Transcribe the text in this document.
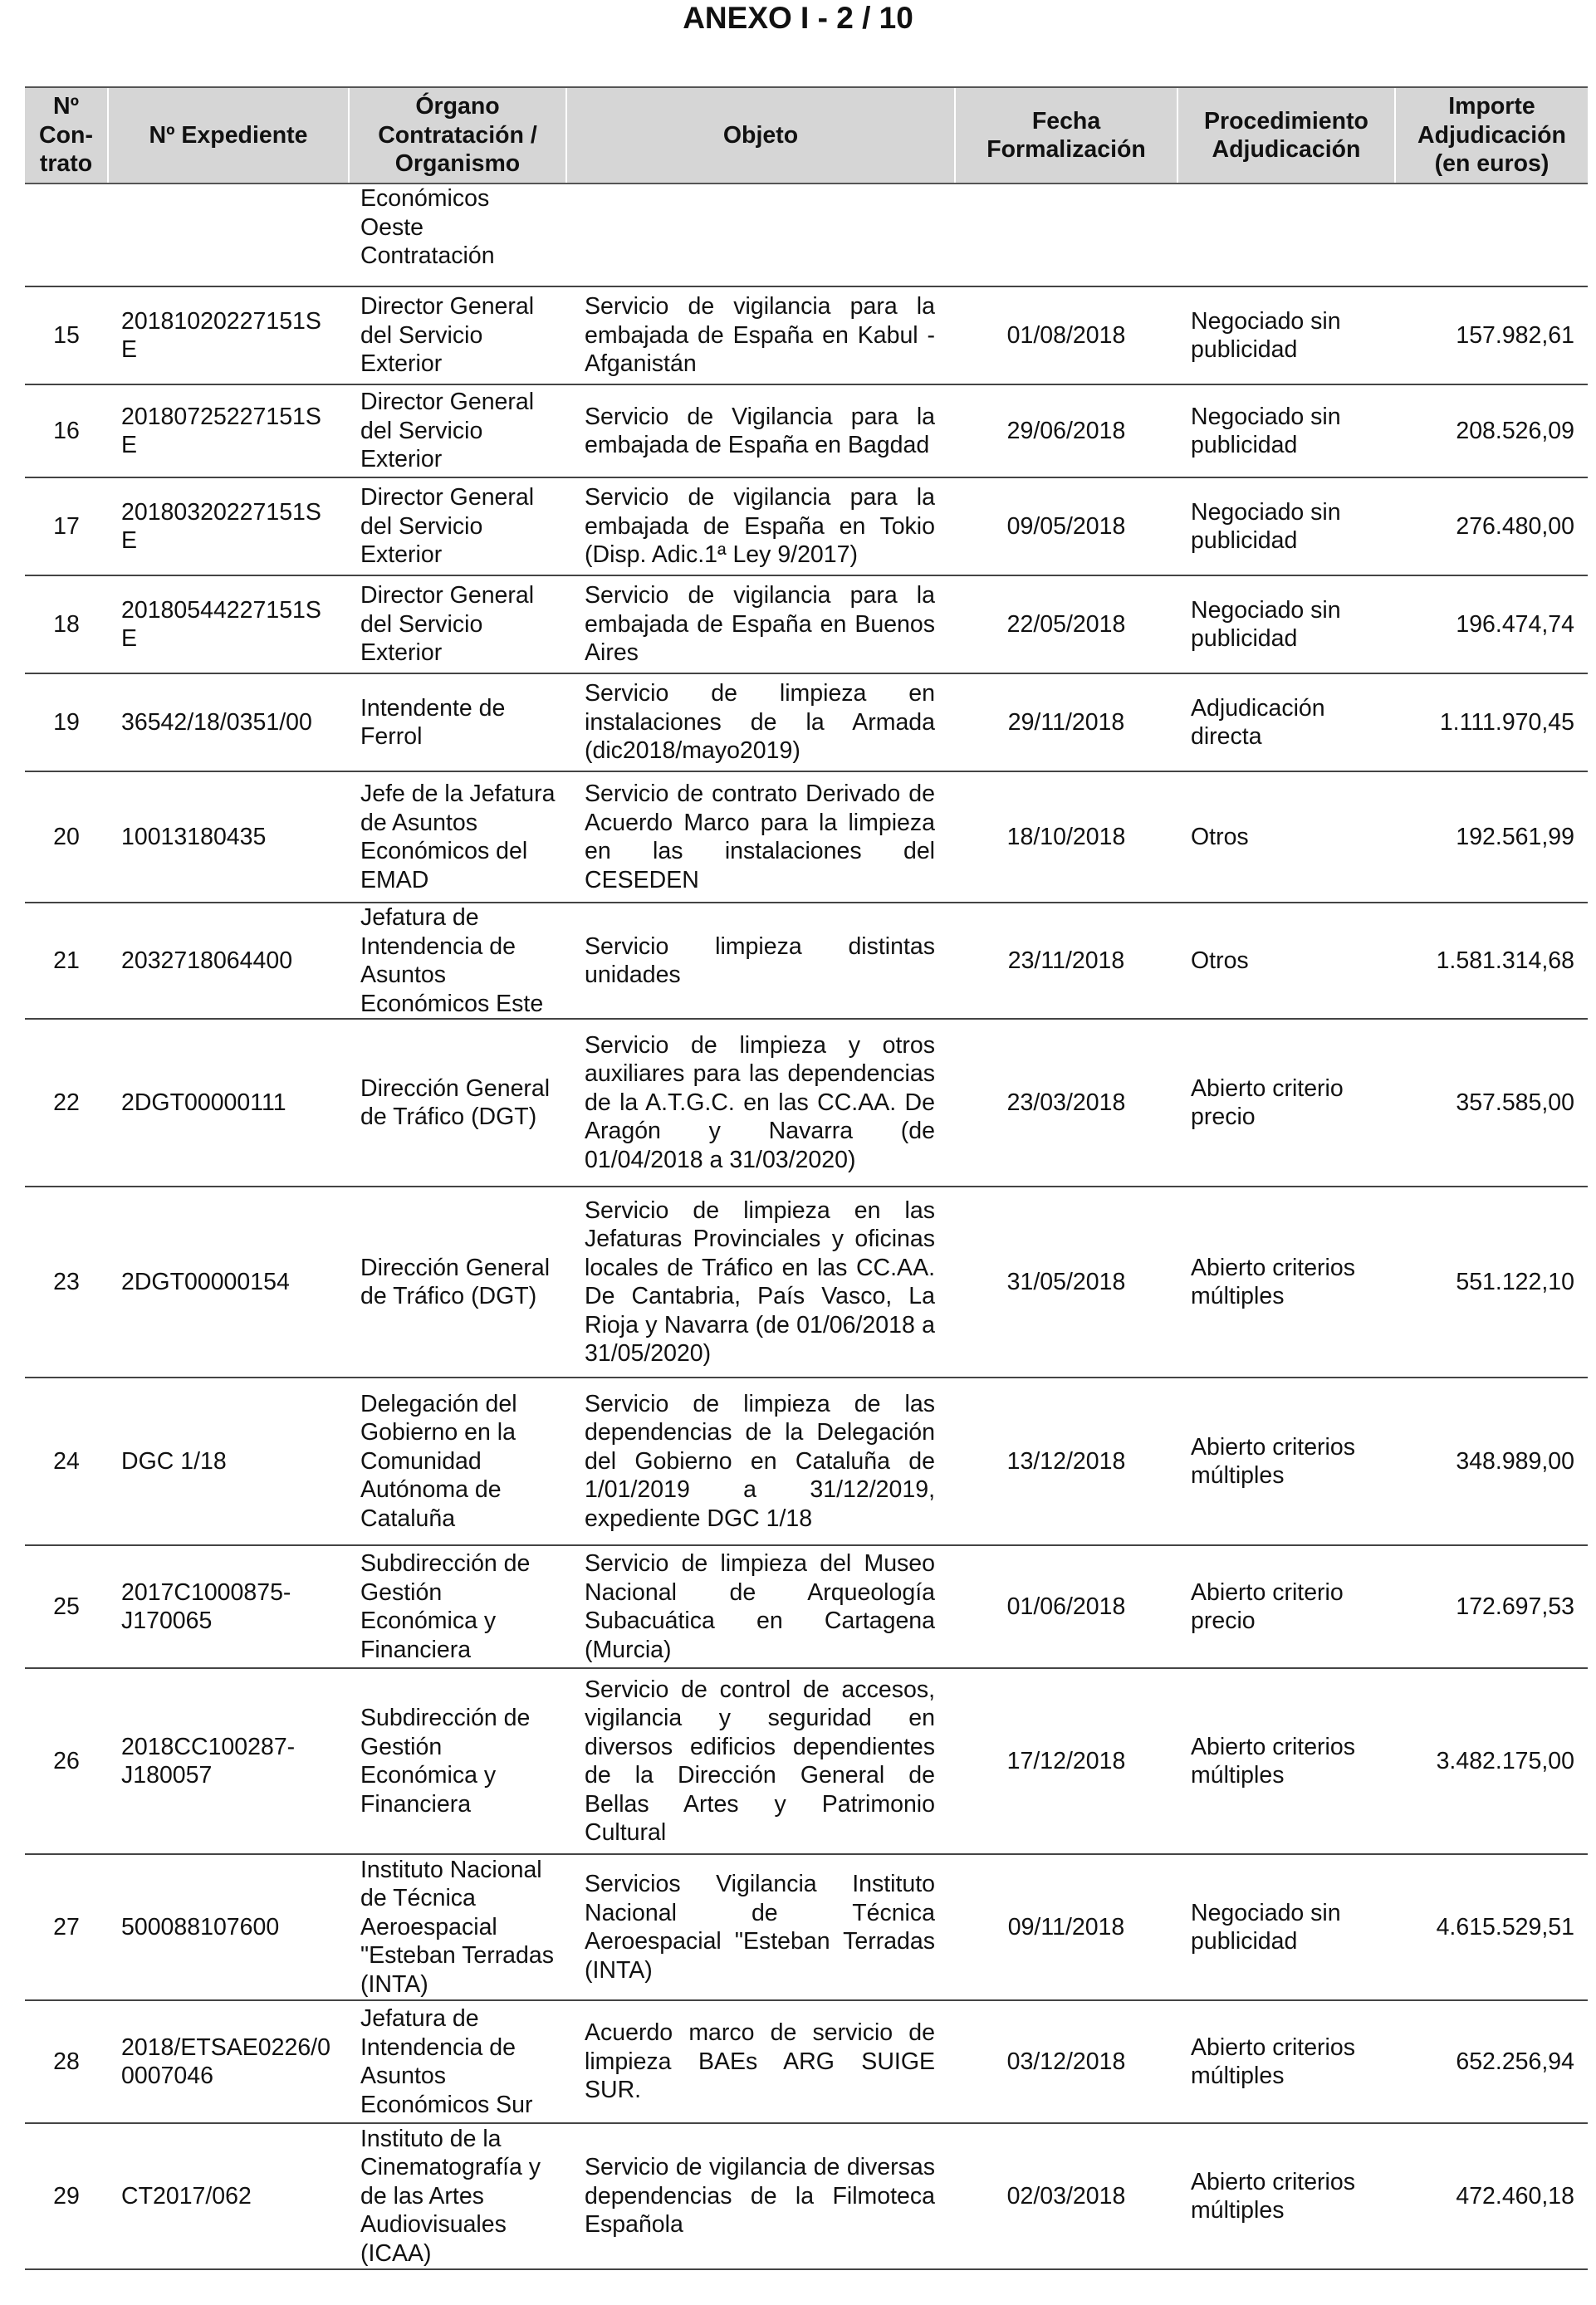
ANEXO I - 2 / 10
Nº Con- trato	Nº Expediente	Órgano Contratación / Organismo	Objeto	Fecha Formalización	Procedimiento Adjudicación	Importe Adjudicación (en euros)
		Económicos Oeste Contratación				
15	20181020227151S E	Director General del Servicio Exterior	Servicio de vigilancia para la embajada de España en Kabul - Afganistán	01/08/2018	Negociado sin publicidad	157.982,61
16	20180725227151S E	Director General del Servicio Exterior	Servicio de Vigilancia para la embajada de España en Bagdad	29/06/2018	Negociado sin publicidad	208.526,09
17	20180320227151S E	Director General del Servicio Exterior	Servicio de vigilancia para la embajada de España en Tokio (Disp. Adic.1ª Ley 9/2017)	09/05/2018	Negociado sin publicidad	276.480,00
18	20180544227151S E	Director General del Servicio Exterior	Servicio de vigilancia para la embajada de España en Buenos Aires	22/05/2018	Negociado sin publicidad	196.474,74
19	36542/18/0351/00	Intendente de Ferrol	Servicio de limpieza en instalaciones de la Armada (dic2018/mayo2019)	29/11/2018	Adjudicación directa	1.111.970,45
20	10013180435	Jefe de la Jefatura de Asuntos Económicos del EMAD	Servicio de contrato Derivado de Acuerdo Marco para la limpieza en las instalaciones del CESEDEN	18/10/2018	Otros	192.561,99
21	2032718064400	Jefatura de Intendencia de Asuntos Económicos Este	Servicio limpieza distintas unidades	23/11/2018	Otros	1.581.314,68
22	2DGT00000111	Dirección General de Tráfico (DGT)	Servicio de limpieza y otros auxiliares para las dependencias de la A.T.G.C. en las CC.AA. De Aragón y Navarra (de 01/04/2018 a 31/03/2020)	23/03/2018	Abierto criterio precio	357.585,00
23	2DGT00000154	Dirección General de Tráfico (DGT)	Servicio de limpieza en las Jefaturas Provinciales y oficinas locales de Tráfico en las CC.AA. De Cantabria, País Vasco, La Rioja y Navarra (de 01/06/2018 a 31/05/2020)	31/05/2018	Abierto criterios múltiples	551.122,10
24	DGC 1/18	Delegación del Gobierno en la Comunidad Autónoma de Cataluña	Servicio de limpieza de las dependencias de la Delegación del Gobierno en Cataluña de 1/01/2019 a 31/12/2019, expediente DGC 1/18	13/12/2018	Abierto criterios múltiples	348.989,00
25	2017C1000875-J170065	Subdirección de Gestión Económica y Financiera	Servicio de limpieza del Museo Nacional de Arqueología Subacuática en Cartagena (Murcia)	01/06/2018	Abierto criterio precio	172.697,53
26	2018CC100287-J180057	Subdirección de Gestión Económica y Financiera	Servicio de control de accesos, vigilancia y seguridad en diversos edificios dependientes de la Dirección General de Bellas Artes y Patrimonio Cultural	17/12/2018	Abierto criterios múltiples	3.482.175,00
27	500088107600	Instituto Nacional de Técnica Aeroespacial "Esteban Terradas (INTA)	Servicios Vigilancia Instituto Nacional de Técnica Aeroespacial "Esteban Terradas (INTA)	09/11/2018	Negociado sin publicidad	4.615.529,51
28	2018/ETSAE0226/0 0007046	Jefatura de Intendencia de Asuntos Económicos Sur	Acuerdo marco de servicio de limpieza BAEs ARG SUIGE SUR.	03/12/2018	Abierto criterios múltiples	652.256,94
29	CT2017/062	Instituto de la Cinematografía y de las Artes Audiovisuales (ICAA)	Servicio de vigilancia de diversas dependencias de la Filmoteca Española	02/03/2018	Abierto criterios múltiples	472.460,18
